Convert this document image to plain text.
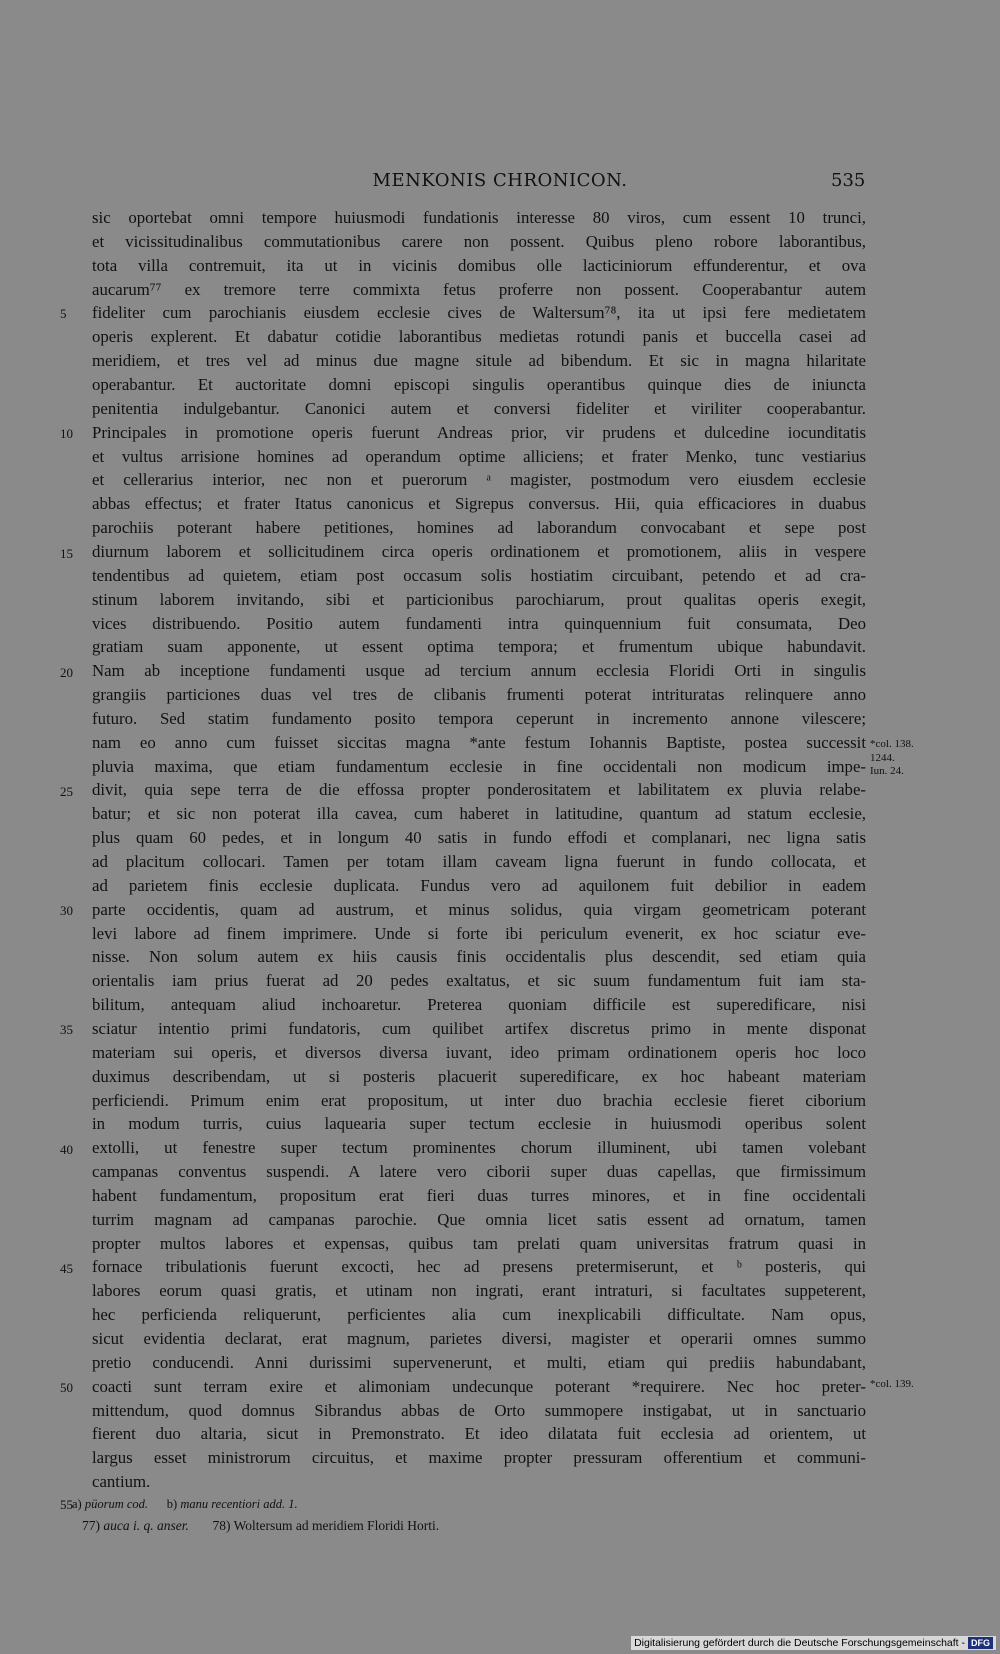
MENKONIS CHRONICON.	535
sic oportebat omni tempore huiusmodi fundationis interesse 80 viros, cum essent 10 trunci,
et vicissitudinalibus commutationibus carere non possent. Quibus pleno robore laborantibus,
tota villa contremuit, ita ut in vicinis domibus olle lacticiniorum effunderentur, et ova
aucarum⁷⁷ ex tremore terre commixta fetus proferre non possent. Cooperabantur autem
fideliter cum parochianis eiusdem ecclesie cives de Waltersum⁷⁸, ita ut ipsi fere medietatem
operis explerent. Et dabatur cotidie laborantibus medietas rotundi panis et buccella casei ad
meridiem, et tres vel ad minus due magne situle ad bibendum. Et sic in magna hilaritate
operabantur. Et auctoritate domni episcopi singulis operantibus quinque dies de iniuncta
penitentia indulgebantur. Canonici autem et conversi fideliter et viriliter cooperabantur.
Principales in promotione operis fuerunt Andreas prior, vir prudens et dulcedine iocunditatis
et vultus arrisione homines ad operandum optime alliciens; et frater Menko, tunc vestiarius
et cellerarius interior, nec non et puerorum ᵃ magister, postmodum vero eiusdem ecclesie
abbas effectus; et frater Itatus canonicus et Sigrepus conversus. Hii, quia efficaciores in duabus
parochiis poterant habere petitiones, homines ad laborandum convocabant et sepe post
diurnum laborem et sollicitudinem circa operis ordinationem et promotionem, aliis in vespere
tendentibus ad quietem, etiam post occasum solis hostiatim circuibant, petendo et ad cra-
stinum laborem invitando, sibi et particionibus parochiarum, prout qualitas operis exegit,
vices distribuendo. Positio autem fundamenti intra quinquennium fuit consumata, Deo
gratiam suam apponente, ut essent optima tempora; et frumentum ubique habundavit.
Nam ab inceptione fundamenti usque ad tercium annum ecclesia Floridi Orti in singulis
grangiis particiones duas vel tres de clibanis frumenti poterat intrituratas relinquere anno
futuro. Sed statim fundamento posito tempora ceperunt in incremento annone vilescere;
nam eo anno cum fuisset siccitas magna *ante festum Iohannis Baptiste, postea successit
pluvia maxima, que etiam fundamentum ecclesie in fine occidentali non modicum impe-
divit, quia sepe terra de die effossa propter ponderositatem et labilitatem ex pluvia relabe-
batur; et sic non poterat illa cavea, cum haberet in latitudine, quantum ad statum ecclesie,
plus quam 60 pedes, et in longum 40 satis in fundo effodi et complanari, nec ligna satis
ad placitum collocari. Tamen per totam illam caveam ligna fuerunt in fundo collocata, et
ad parietem finis ecclesie duplicata. Fundus vero ad aquilonem fuit debilior in eadem
parte occidentis, quam ad austrum, et minus solidus, quia virgam geometricam poterant
levi labore ad finem imprimere. Unde si forte ibi periculum evenerit, ex hoc sciatur eve-
nisse. Non solum autem ex hiis causis finis occidentalis plus descendit, sed etiam quia
orientalis iam prius fuerat ad 20 pedes exaltatus, et sic suum fundamentum fuit iam sta-
bilitum, antequam aliud inchoaretur. Preterea quoniam difficile est superedificare, nisi
sciatur intentio primi fundatoris, cum quilibet artifex discretus primo in mente disponat
materiam sui operis, et diversos diversa iuvant, ideo primam ordinationem operis hoc loco
duximus describendam, ut si posteris placuerit superedificare, ex hoc habeant materiam
perficiendi. Primum enim erat propositum, ut inter duo brachia ecclesie fieret ciborium
in modum turris, cuius laquearia super tectum ecclesie in huiusmodi operibus solent
extolli, ut fenestre super tectum prominentes chorum illuminent, ubi tamen volebant
campanas conventus suspendi. A latere vero ciborii super duas capellas, que firmissimum
habent fundamentum, propositum erat fieri duas turres minores, et in fine occidentali
turrim magnam ad campanas parochie. Que omnia licet satis essent ad ornatum, tamen
propter multos labores et expensas, quibus tam prelati quam universitas fratrum quasi in
fornace tribulationis fuerunt excocti, hec ad presens pretermiserunt, et ᵇ posteris, qui
labores eorum quasi gratis, et utinam non ingrati, erant intraturi, si facultates suppeterent,
hec perficienda reliquerunt, perficientes alia cum inexplicabili difficultate. Nam opus,
sicut evidentia declarat, erat magnum, parietes diversi, magister et operarii omnes summo
pretio conducendi. Anni durissimi supervenerunt, et multi, etiam qui prediis habundabant,
coacti sunt terram exire et alimoniam undecunque poterant *requirere. Nec hoc preter-
mittendum, quod domnus Sibrandus abbas de Orto summopere instigabat, ut in sanctuario
fierent duo altaria, sicut in Premonstrato. Et ideo dilatata fuit ecclesia ad orientem, ut
largus esset ministrorum circuitus, et maxime propter pressuram offerentium et communi-
cantium.
5
10
15
20
25
30
35
40
45
50
55
*col. 138.
1244.
Iun. 24.
*col. 139.
a) püorum cod. b) manu recentiori add. 1.
77) auca i. q. anser. 78) Woltersum ad meridiem Floridi Horti.
Digitalisierung gefördert durch die Deutsche Forschungsgemeinschaft - DFG
